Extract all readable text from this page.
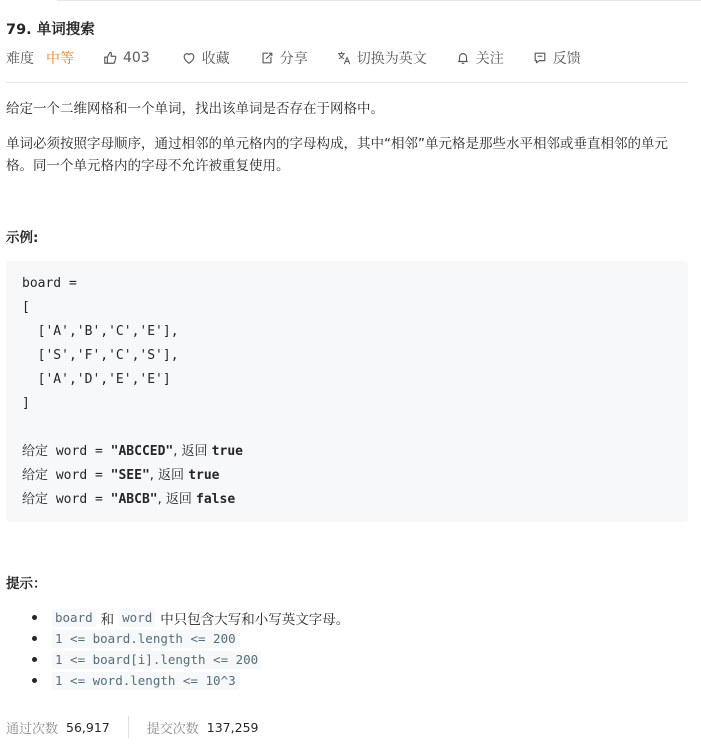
79. 单词搜索
难度 中等	403	收藏	分享	切换为英文	关注	反馈

给定一个二维网格和一个单词，找出该单词是否存在于网格中。

单词必须按照字母顺序，通过相邻的单元格内的字母构成，其中“相邻”单元格是那些水平相邻或垂直相邻的单元格。同一个单元格内的字母不允许被重复使用。

示例:
board =
[
['A','B','C','E'],
['S','F','C','S'],
['A','D','E','E']
]
给定 word = "ABCCED", 返回 true
给定 word = "SEE", 返回 true
给定 word = "ABCB", 返回 false
提示：
board 和 word 中只包含大写和小写英文字母。
1 <= board.length <= 200
1 <= board[i].length <= 200
1 <= word.length <= 10^3
通过次数 56,917	提交次数 137,259
